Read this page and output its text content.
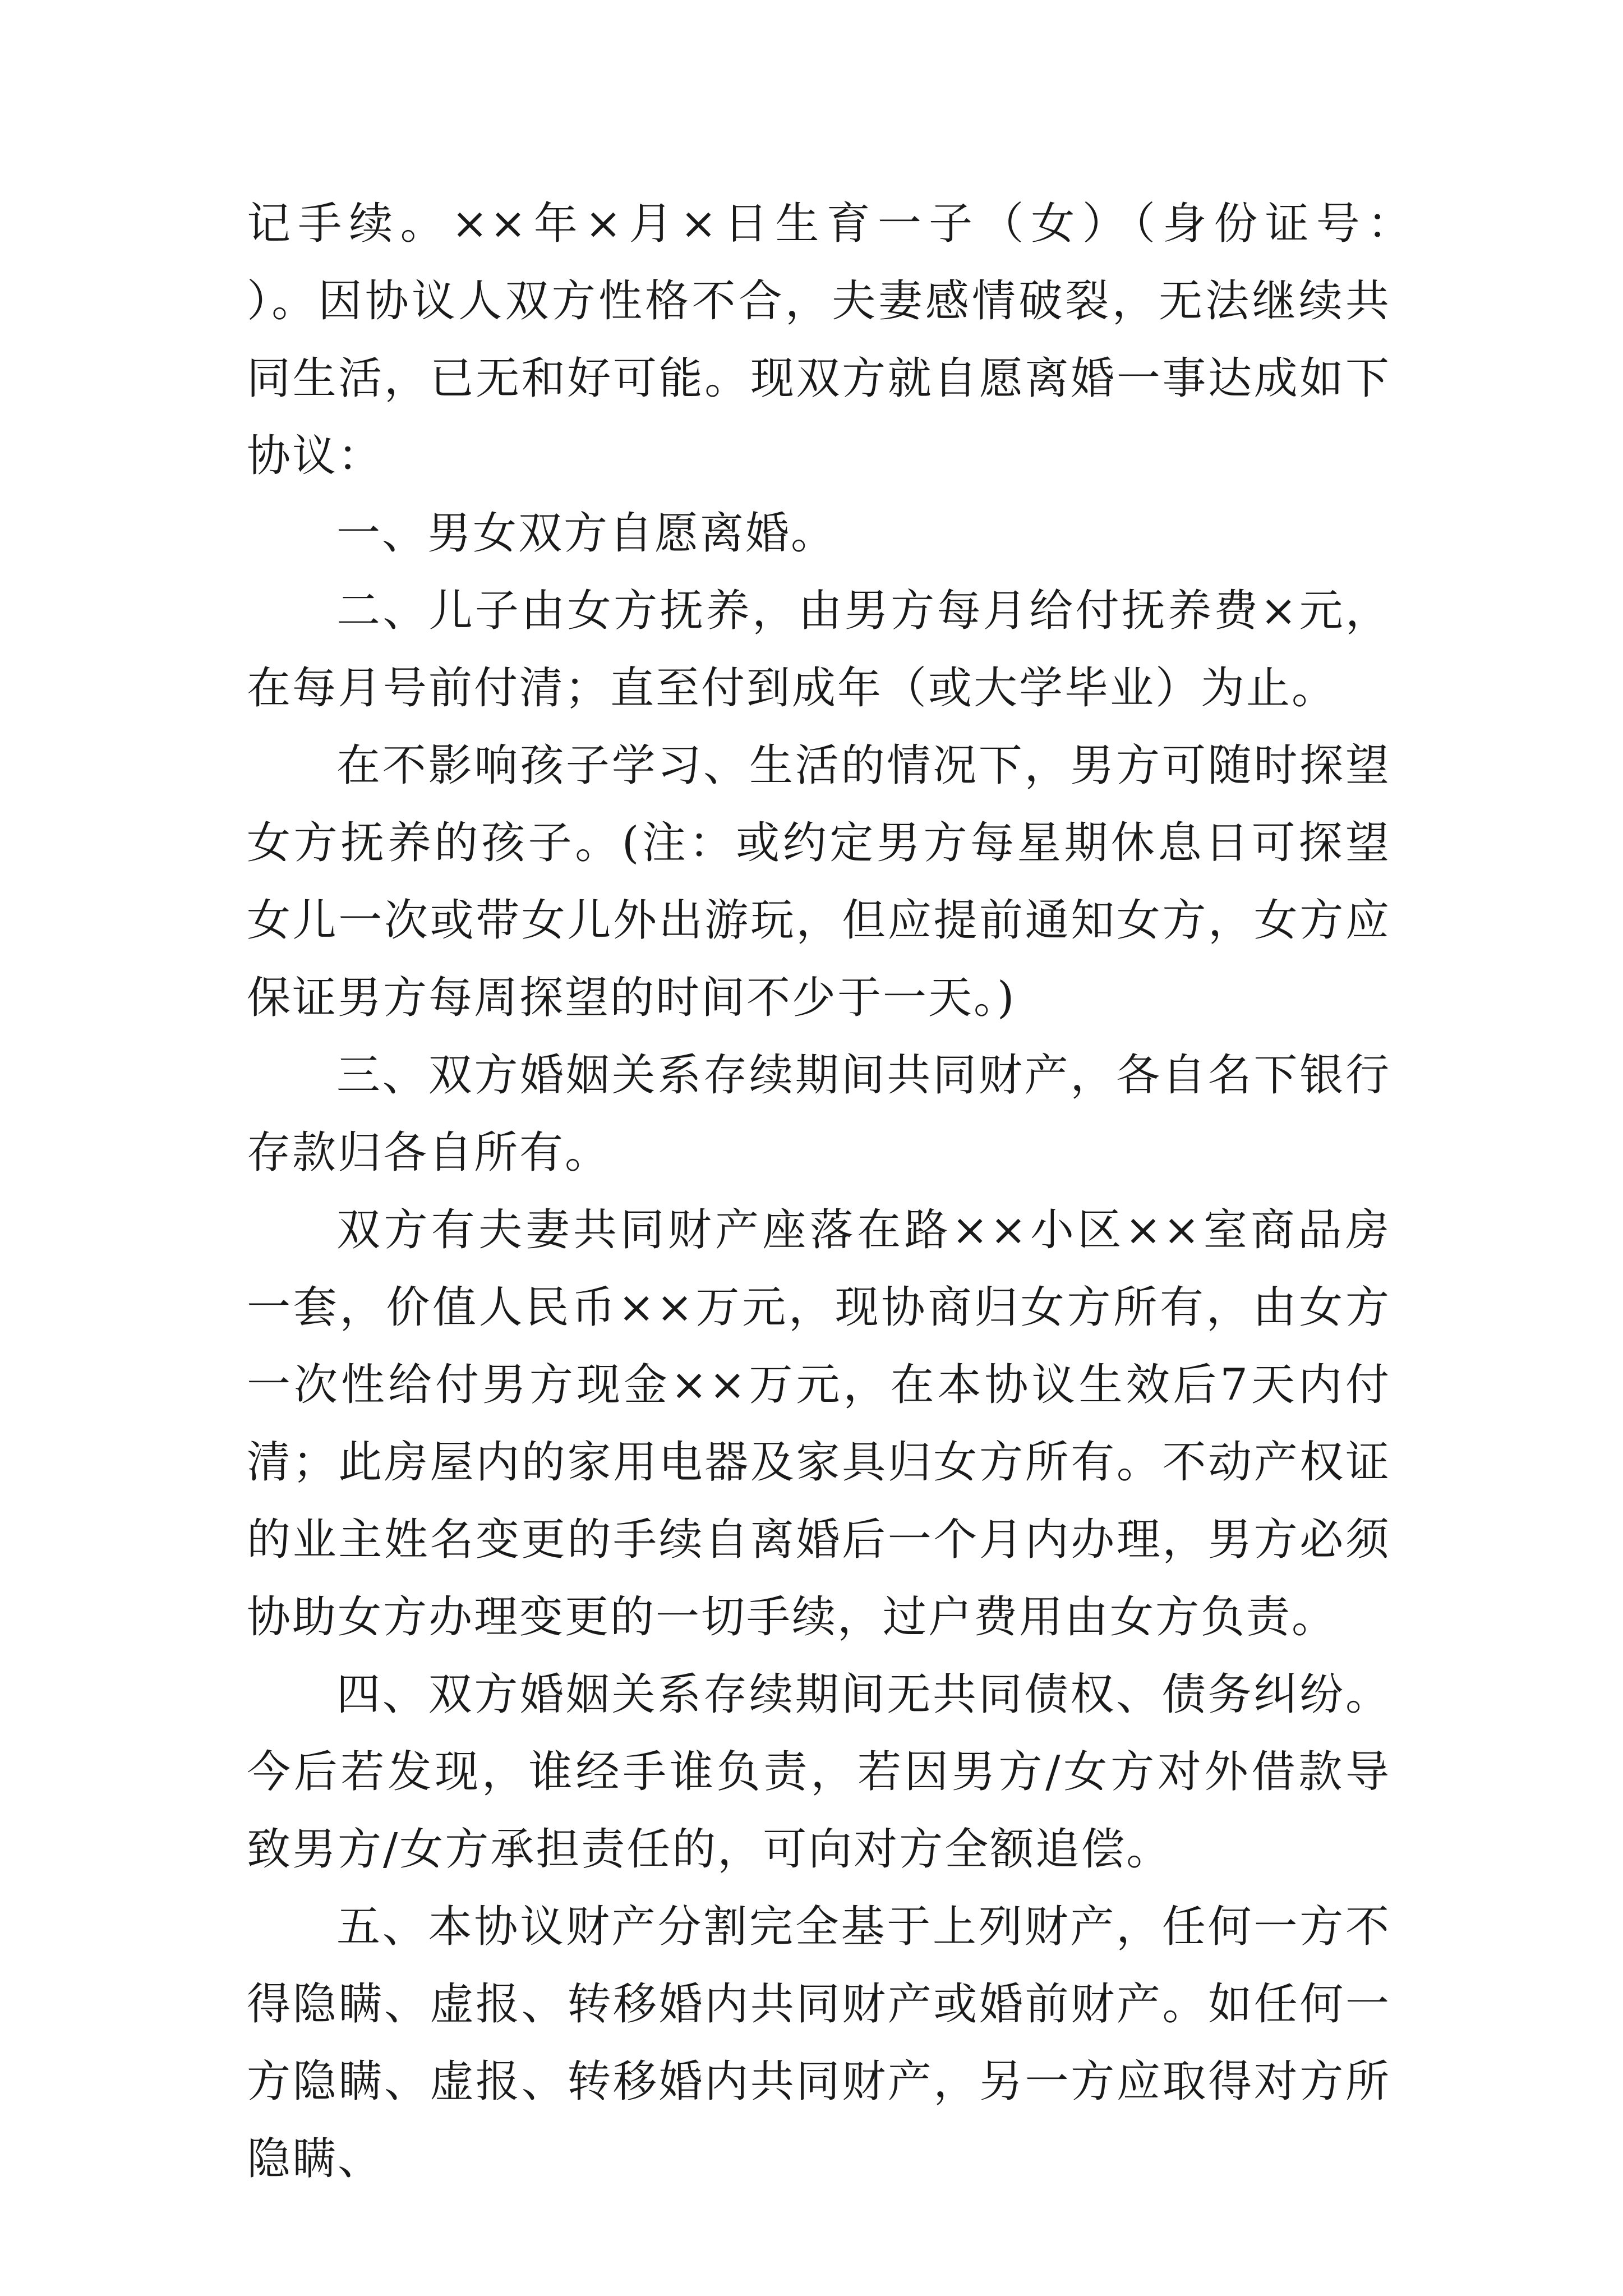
记手续。××年×月×日生育一子（女）（身份证号：　　）。因协议人双方性格不合，夫妻感情破裂，无法继续共同生活，已无和好可能。现双方就自愿离婚一事达成如下协议：

一、男女双方自愿离婚。

二、儿子由女方抚养，由男方每月给付抚养费×元，在每月号前付清；直至付到成年（或大学毕业）为止。

在不影响孩子学习、生活的情况下，男方可随时探望女方抚养的孩子。(注：或约定男方每星期休息日可探望女儿一次或带女儿外出游玩，但应提前通知女方，女方应保证男方每周探望的时间不少于一天。)

三、双方婚姻关系存续期间共同财产，各自名下银行存款归各自所有。

双方有夫妻共同财产座落在路××小区××室商品房一套，价值人民币××万元，现协商归女方所有，由女方一次性给付男方现金××万元，在本协议生效后7天内付清；此房屋内的家用电器及家具归女方所有。不动产权证的业主姓名变更的手续自离婚后一个月内办理，男方必须协助女方办理变更的一切手续，过户费用由女方负责。

四、双方婚姻关系存续期间无共同债权、债务纠纷。今后若发现，谁经手谁负责，若因男方/女方对外借款导致男方/女方承担责任的，可向对方全额追偿。

五、本协议财产分割完全基于上列财产，任何一方不得隐瞒、虚报、转移婚内共同财产或婚前财产。如任何一方隐瞒、虚报、转移婚内共同财产，另一方应取得对方所隐瞒、
